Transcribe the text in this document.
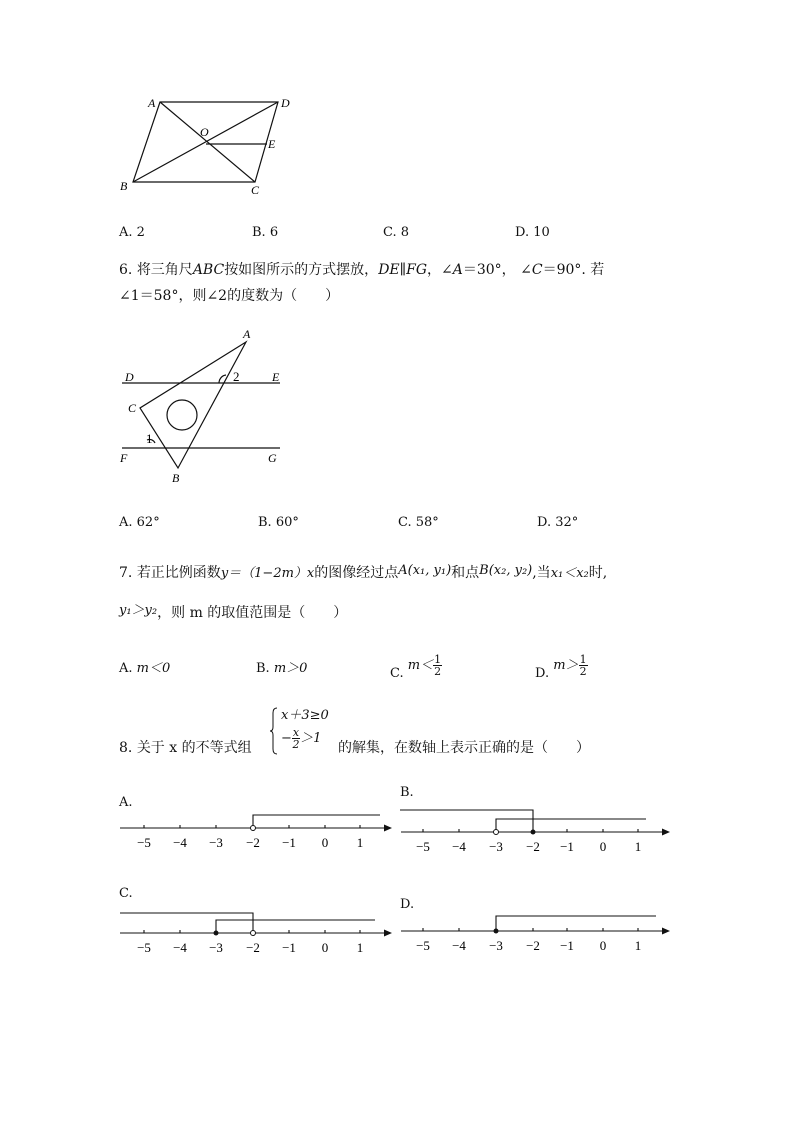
A	D
O
E
B	C
A. 2	B. 6	C. 8	D. 10
6. 将三角尺ABC按如图所示的方式摆放，DE∥FG，∠A＝30°， ∠C＝90°. 若
∠1＝58°，则∠2的度数为（　　）
A
D	E
C
2
1
F	G
B
A. 62°	B. 60°	C. 58°	D. 32°
7. 若正比例函数y＝（1−2m）x的图像经过点A(x₁, y₁)和点B(x₂, y₂),当x₁＜x₂时,
y₁＞y₂，则 m 的取值范围是（　　）
A. m＜0	B. m＞0	C. $m< \frac{1}{2}$	D. $m> \frac{1}{2}$
8. 关于 x 的不等式组
x＋3≥0
− $\frac{x}{2} >1$
的解集，在数轴上表示正确的是（　　）
A.
−5 −4 −3 −2 −1 0 1
B.
−5 −4 −3 −2 −1 0 1
C.
−5 −4 −3 −2 −1 0 1
D.
−5 −4 −3 −2 −1 0 1
